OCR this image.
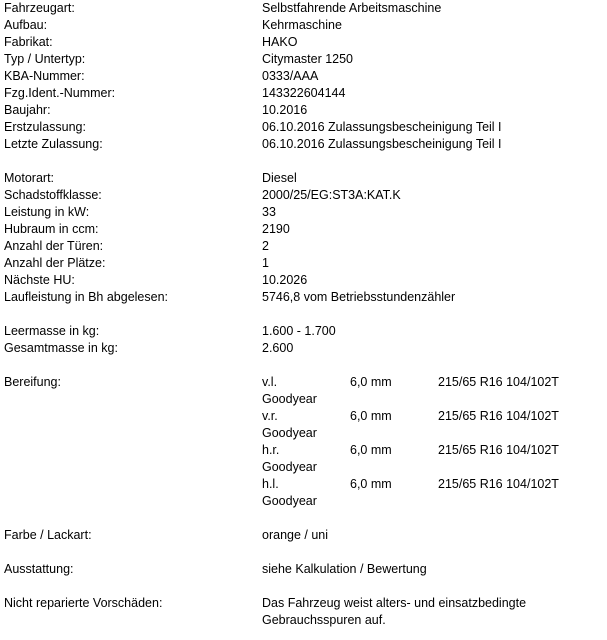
Fahrzeugart:	Selbstfahrende Arbeitsmaschine
Aufbau:	Kehrmaschine
Fabrikat:	HAKO
Typ / Untertyp:	Citymaster 1250
KBA-Nummer:	0333/AAA
Fzg.Ident.-Nummer:	143322604144
Baujahr:	10.2016
Erstzulassung:	06.10.2016 Zulassungsbescheinigung Teil I
Letzte Zulassung:	06.10.2016 Zulassungsbescheinigung Teil I
Motorart:	Diesel
Schadstoffklasse:	2000/25/EG:ST3A:KAT.K
Leistung in kW:	33
Hubraum in ccm:	2190
Anzahl der Türen:	2
Anzahl der Plätze:	1
Nächste HU:	10.2026
Laufleistung in Bh abgelesen:	5746,8 vom Betriebsstundenzähler
Leermasse in kg:	1.600 - 1.700
Gesamtmasse in kg:	2.600
Bereifung:	v.l.	6,0 mm	215/65 R16 104/102T
Goodyear
v.r.	6,0 mm	215/65 R16 104/102T
Goodyear
h.r.	6,0 mm	215/65 R16 104/102T
Goodyear
h.l.	6,0 mm	215/65 R16 104/102T
Goodyear
Farbe / Lackart:	orange / uni
Ausstattung:	siehe Kalkulation / Bewertung
Nicht reparierte Vorschäden:	Das Fahrzeug weist alters- und einsatzbedingte
Gebrauchsspuren auf.
